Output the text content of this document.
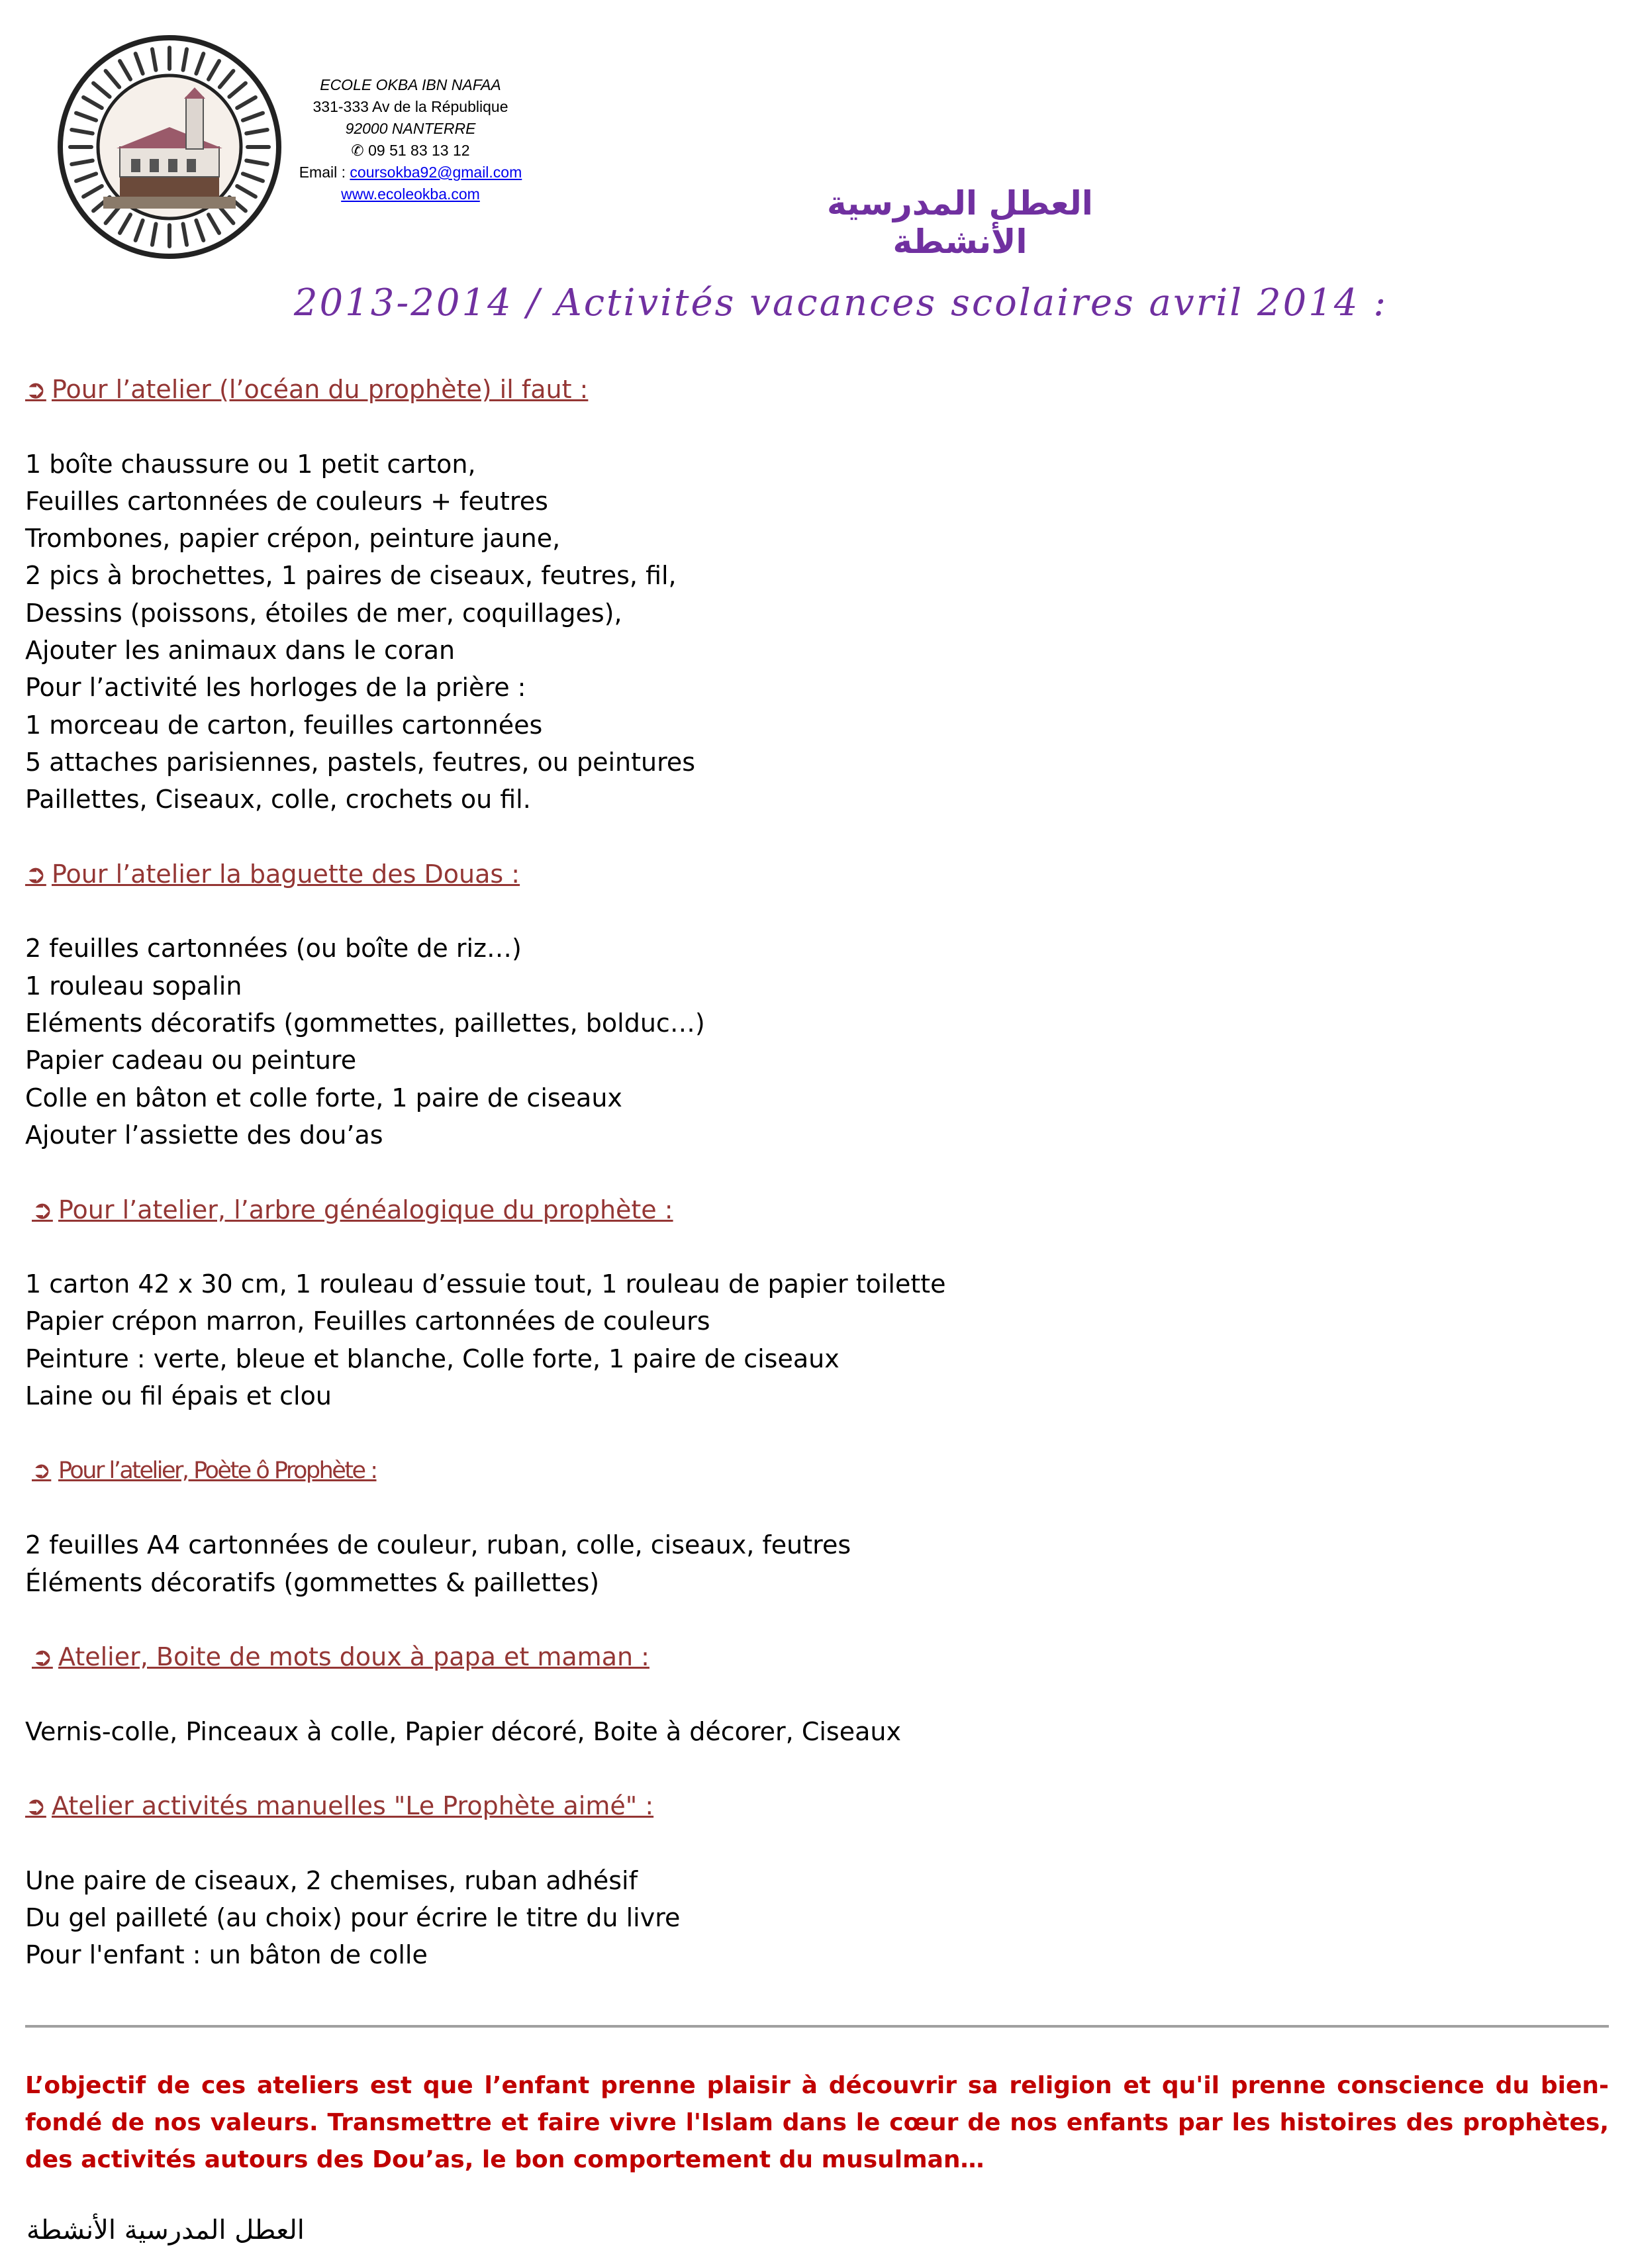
ECOLE OKBA IBN NAFAA
331-333 Av de la République
92000 NANTERRE
✆ 09 51 83 13 12
Email : coursokba92@gmail.com
www.ecoleokba.com	العطل المدرسية الأنشطة
2013-2014 / Activités vacances scolaires avril 2014 :
➲ Pour l’atelier (l’océan du prophète) il faut :
1 boîte chaussure ou 1 petit carton,
Feuilles cartonnées de couleurs + feutres
Trombones, papier crépon, peinture jaune,
2 pics à brochettes, 1 paires de ciseaux, feutres, fil,
Dessins (poissons, étoiles de mer, coquillages),
Ajouter les animaux dans le coran
Pour l’activité les horloges de la prière :
1 morceau de carton, feuilles cartonnées
5 attaches parisiennes, pastels, feutres, ou peintures
Paillettes, Ciseaux, colle, crochets ou fil.
➲ Pour l’atelier la baguette des Douas :
2 feuilles cartonnées (ou boîte de riz…)
1 rouleau sopalin
Eléments décoratifs (gommettes, paillettes, bolduc…)
Papier cadeau ou peinture
Colle en bâton et colle forte, 1 paire de ciseaux
Ajouter l’assiette des dou’as
➲ Pour l’atelier, l’arbre généalogique du prophète :
1 carton 42 x 30 cm, 1 rouleau d’essuie tout, 1 rouleau de papier toilette
Papier crépon marron, Feuilles cartonnées de couleurs
Peinture : verte, bleue et blanche, Colle forte, 1 paire de ciseaux
Laine ou fil épais et clou
➲ Pour l’atelier, Poète ô Prophète :
2 feuilles A4 cartonnées de couleur, ruban, colle, ciseaux, feutres
Éléments décoratifs (gommettes & paillettes)
➲ Atelier, Boite de mots doux à papa et maman :
Vernis-colle, Pinceaux à colle, Papier décoré, Boite à décorer, Ciseaux
➲ Atelier activités manuelles "Le Prophète aimé" :
Une paire de ciseaux, 2 chemises, ruban adhésif
Du gel pailleté (au choix) pour écrire le titre du livre
Pour l'enfant : un bâton de colle
L’objectif de ces ateliers est que l’enfant prenne plaisir à découvrir sa religion et qu'il prenne conscience du bien-fondé de nos valeurs. Transmettre et faire vivre l'Islam dans le cœur de nos enfants par les histoires des prophètes, des activités autours des Dou’as, le bon comportement du musulman…
العطل المدرسية الأنشطة
